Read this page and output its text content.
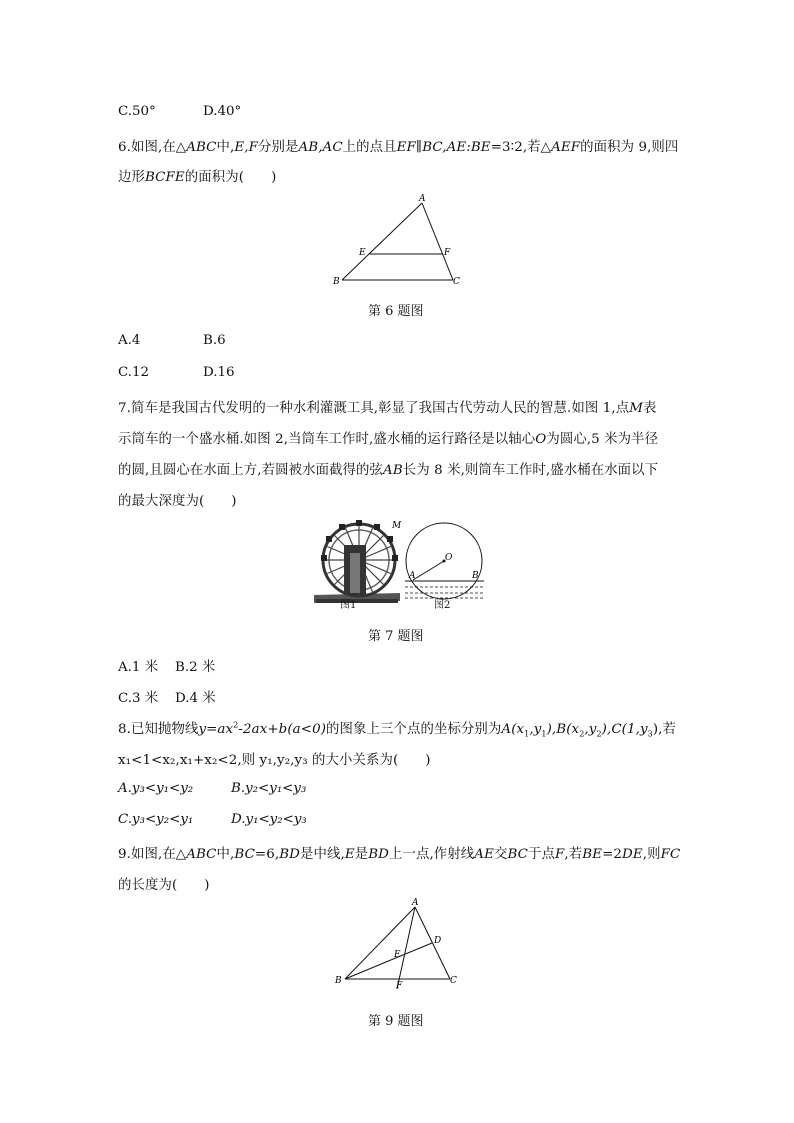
C.50°	D.40°
6.如图,在△ABC中,E,F分别是AB,AC上的点且EF∥BC,AE:BE=3∶2,若△AEF的面积为 9,则四
边形BCFE的面积为(　　)
A
E	F
B	C
第 6 题图
A.4	B.6
C.12	D.16
7.简车是我国古代发明的一种水利灌溉工具,彰显了我国古代劳动人民的智慧.如图 1,点M表
示筒车的一个盛水桶.如图 2,当筒车工作时,盛水桶的运行路径是以轴心O为圆心,5 米为半径
的圆,且圆心在水面上方,若圆被水面截得的弦AB长为 8 米,则筒车工作时,盛水桶在水面以下
的最大深度为(　　)
M
图1
O
A	B
图2
第 7 题图
A.1 米 B.2 米
C.3 米 D.4 米
8.已知抛物线$y=ax^2-2ax+b(a<0)$的图象上三个点的坐标分别为$A(x_1,y_1),B(x_2,y_2),C(1,y_3)$,若
x₁<1<x₂,x₁+x₂<2,则 y₁,y₂,y₃ 的大小关系为(　　)
A.y₃<y₁<y₂	B.y₂<y₁<y₃
C.y₃<y₂<y₁	D.y₁<y₂<y₃
9.如图,在△ABC中,BC=6,BD是中线,E是BD上一点,作射线AE交BC于点F,若BE=2DE,则FC
的长度为(　　)
A
D
E
B	F	C
第 9 题图
